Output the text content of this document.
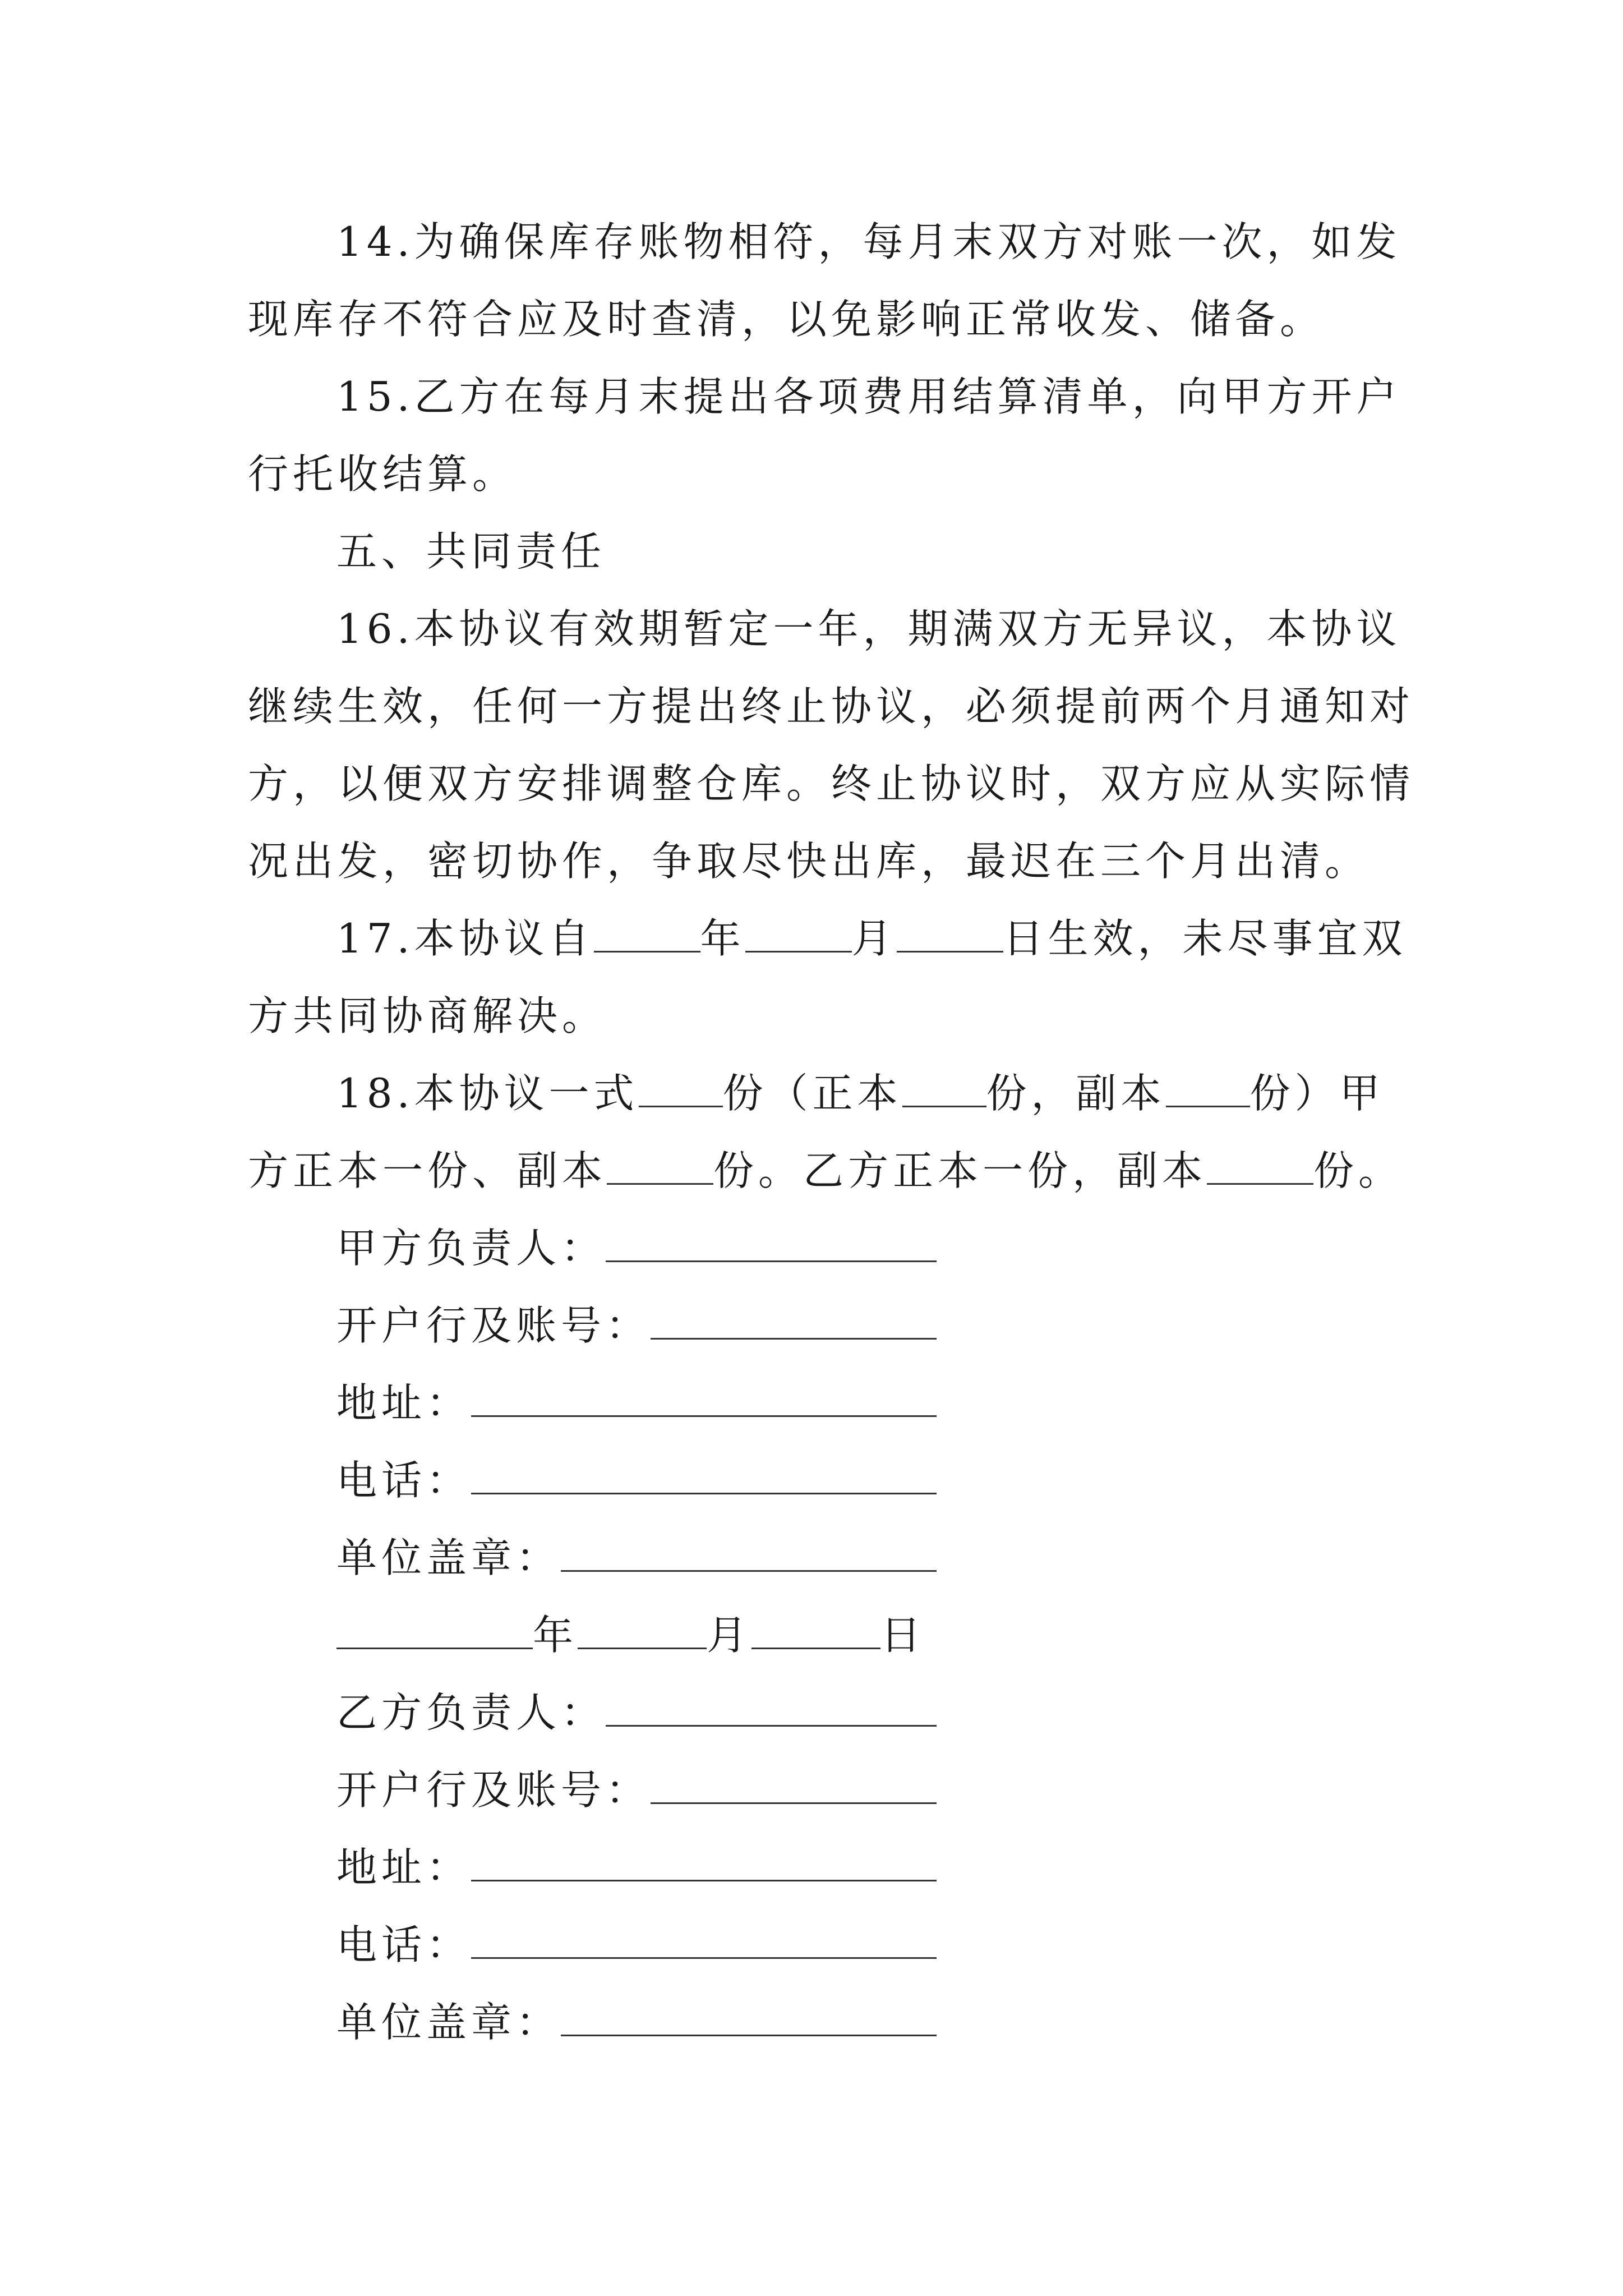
14.为确保库存账物相符，每月末双方对账一次，如发
现库存不符合应及时查清，以免影响正常收发、储备。
15.乙方在每月末提出各项费用结算清单，向甲方开户
行托收结算。
五、共同责任
16.本协议有效期暂定一年，期满双方无异议，本协议
继续生效，任何一方提出终止协议，必须提前两个月通知对
方，以便双方安排调整仓库。终止协议时，双方应从实际情
况出发，密切协作，争取尽快出库，最迟在三个月出清。
17.本协议自	年	月	日生效，未尽事宜双
方共同协商解决。
18.本协议一式 份（正本 份，副本 份）甲
方正本一份、副本	份。乙方正本一份，副本	份。
甲方负责人：
开户行及账号：
地址：
电话：
单位盖章：
年	月	日
乙方负责人：
开户行及账号：
地址：
电话：
单位盖章：
